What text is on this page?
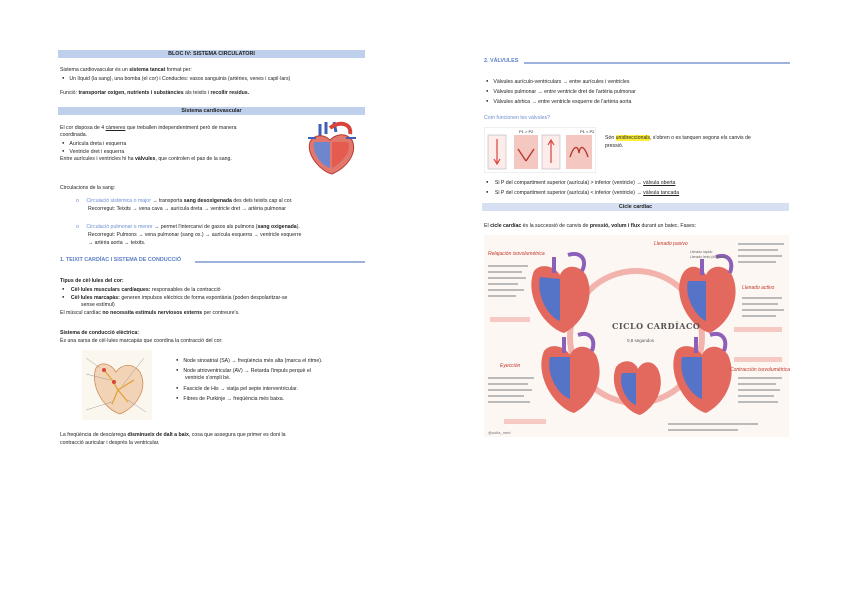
BLOC IV: SISTEMA CIRCULATORI
Sistema cardiovascular és un sistema tancat format per:
● Un líquid (la sang), una bomba (el cor) i Conductes: vasos sanguinis (artèries, venes i capil·lars)
Funció: transportar oxigen, nutrients i substàncies als teixits i recollir residus.
Sistema cardiovascular
El cor disposa de 4 càmeres que treballen independentment però de manera
coordinada.
● Aurícula dreta i esquerra
● Ventricle dret i esquerra
Entre aurícules i ventricles hi ha vàlvules, que controlen el pas de la sang.
Circulacions de la sang:
o Circulació sistèmica o major → transporta sang desoxigenada des dels teixits cap al cor.
Recorregut: Teixits → vena cava → aurícula dreta → ventricle dret → artèria pulmonar
o Circulació pulmonar o menor → permet l'intercanvi de gasos als pulmons (sang oxigenada).
Recorregut: Pulmons → vena pulmonar (sang ox.) → aurícula esquerra → ventricle esquerre
→ artèria aorta → teixits.
1. TEIXIT CARDÍAC I SISTEMA DE CONDUCCIÓ
Tipus de cèl·lules del cor:
● Cèl·lules musculars cardíaques: responsables de la contracció
● Cèl·lules marcapàs: generen impulsos elèctrics de forma espontània (poden despolaritzar-se
sense estímul)
El múscul cardíac no necessita estímuls nerviosos externs per contreure's.
Sistema de conducció elèctrica:
És una xarxa de cèl·lules marcapàs que coordina la contracció del cor:
● Node sinoatrial (SA) → freqüència més alta (marca el ritme).
● Node atrioventricular (AV) → Retarda l'impuls perquè el
ventricle s'ompli bé.
● Fascicle de His → viatja pel septe interventricular.
● Fibres de Purkinje → freqüència més baixa.
La freqüència de descàrrega disminueix de dalt a baix, cosa que assegura que primer es doni la
contracció auricular i després la ventricular.
2. VÀLVULES
● Vàlvules aurículo-ventriculars → entre aurícules i ventricles
● Vàlvules pulmonar → entre ventricle dret de l'artèria pulmonar
● Vàlvules aòrtica → entre ventricle esquerre de l'artèria aorta
Com funcionen les vàlvules?
P1 > P2	P1 < P2
Són unidireccionals, s'obren o es tanquen segons els canvis de
pressió.
● Si P del compartiment superior (aurícula) > inferior (ventricle) → vàlvula oberta
● Si P del compartiment superior (aurícula) < inferior (ventricle) → vàlvula tancada
Cicle cardíac
El cicle cardíac és la successió de canvis de pressió, volum i flux durant un batec. Fases:
CICLO CARDÍACO
0,8 segundos
Relajación isovolumétrica
Llenado pasivo
Llenado activo
Contracción isovolumétrica
Eyección
Llenado rápido
Llenado lento (diástasis)
@sofia_med
